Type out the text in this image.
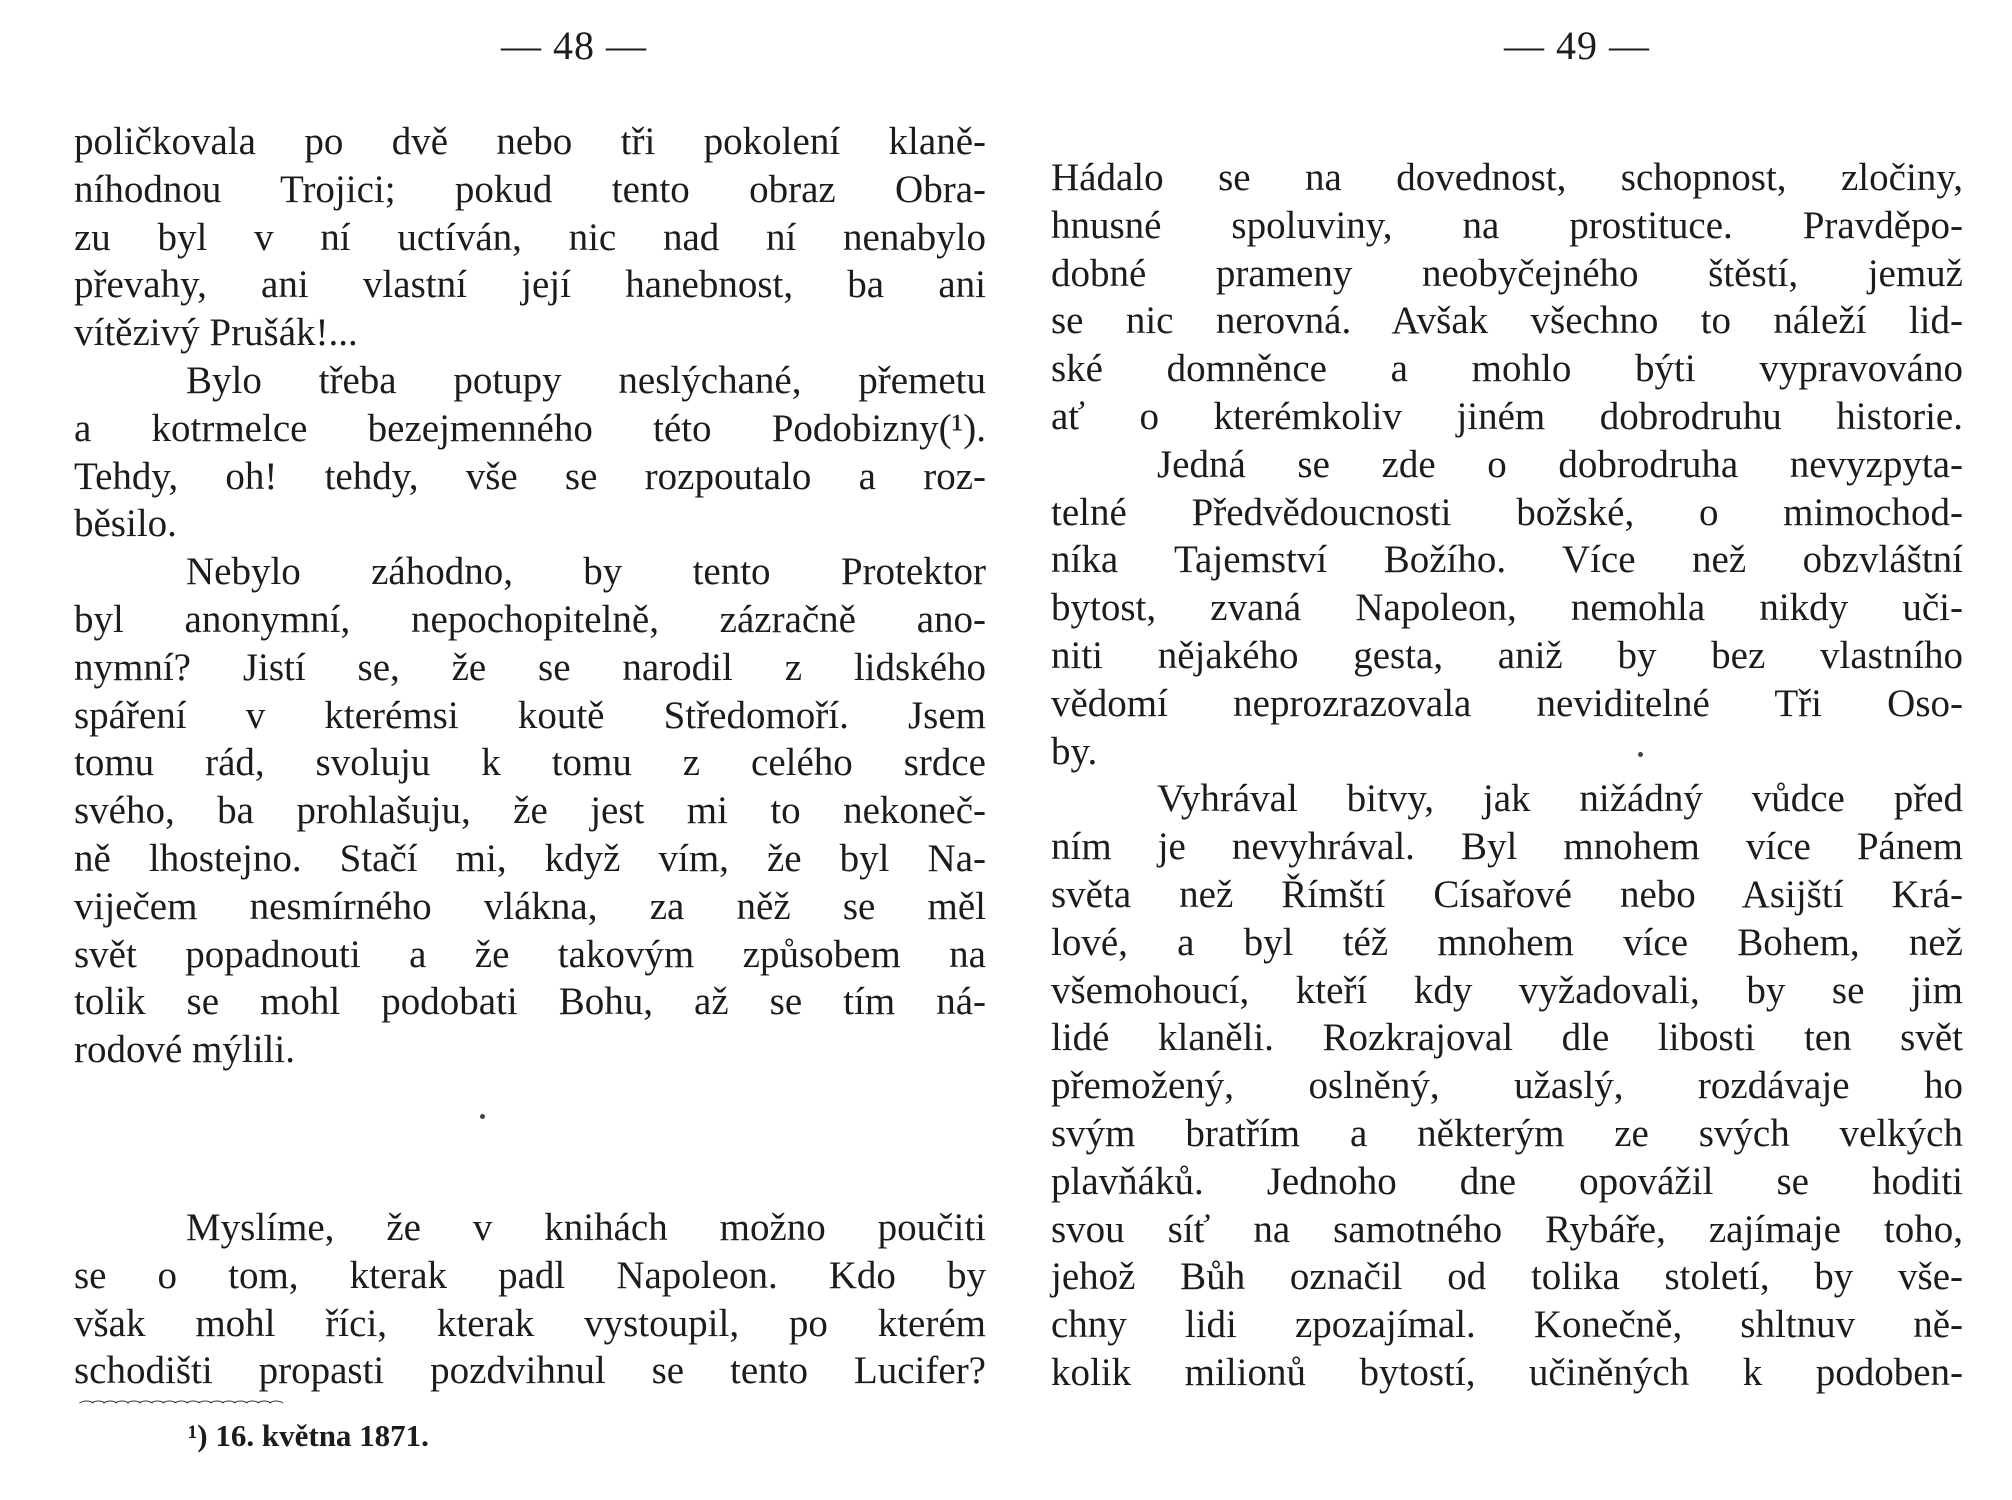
— 48 —
poličkovala po dvě nebo tři pokolení klaně-
níhodnou Trojici; pokud tento obraz Obra-
zu byl v ní uctíván, nic nad ní nenabylo
převahy, ani vlastní její hanebnost, ba ani
vítězivý Prušák!...
Bylo třeba potupy neslýchané, přemetu
a kotrmelce bezejmenného této Podobizny(¹).
Tehdy, oh! tehdy, vše se rozpoutalo a roz-
běsilo.
Nebylo záhodno, by tento Protektor
byl anonymní, nepochopitelně, zázračně ano-
nymní? Jistí se, že se narodil z lidského
spáření v kterémsi koutě Středomoří. Jsem
tomu rád, svoluju k tomu z celého srdce
svého, ba prohlašuju, že jest mi to nekoneč-
ně lhostejno. Stačí mi, když vím, že byl Na-
viječem nesmírného vlákna, za něž se měl
svět popadnouti a že takovým způsobem na
tolik se mohl podobati Bohu, až se tím ná-
rodové mýlili.
Myslíme, že v knihách možno poučiti
se o tom, kterak padl Napoleon. Kdo by
však mohl říci, kterak vystoupil, po kterém
schodišti propasti pozdvihnul se tento Lucifer?
⁀⁀⁀⁀⁀⁀⁀⁀⁀⁀⁀⁀⁀⁀⁀⁀⁀
¹) 16. května 1871.
— 49 —
Hádalo se na dovednost, schopnost, zločiny,
hnusné spoluviny, na prostituce. Pravděpo-
dobné prameny neobyčejného štěstí, jemuž
se nic nerovná. Avšak všechno to náleží lid-
ské domněnce a mohlo býti vypravováno
ať o kterémkoliv jiném dobrodruhu historie.
Jedná se zde o dobrodruha nevyzpyta-
telné Předvědoucnosti božské, o mimochod-
níka Tajemství Božího. Více než obzvláštní
bytost, zvaná Napoleon, nemohla nikdy uči-
niti nějakého gesta, aniž by bez vlastního
vědomí neprozrazovala neviditelné Tři Oso-
by.
Vyhrával bitvy, jak nižádný vůdce před
ním je nevyhrával. Byl mnohem více Pánem
světa než Římští Císařové nebo Asijští Krá-
lové, a byl též mnohem více Bohem, než
všemohoucí, kteří kdy vyžadovali, by se jim
lidé klaněli. Rozkrajoval dle libosti ten svět
přemožený, oslněný, užaslý, rozdávaje ho
svým bratřím a některým ze svých velkých
plavňáků. Jednoho dne opovážil se hoditi
svou síť na samotného Rybáře, zajímaje toho,
jehož Bůh označil od tolika století, by vše-
chny lidi zpozajímal. Konečně, shltnuv ně-
kolik milionů bytostí, učiněných k podoben-
